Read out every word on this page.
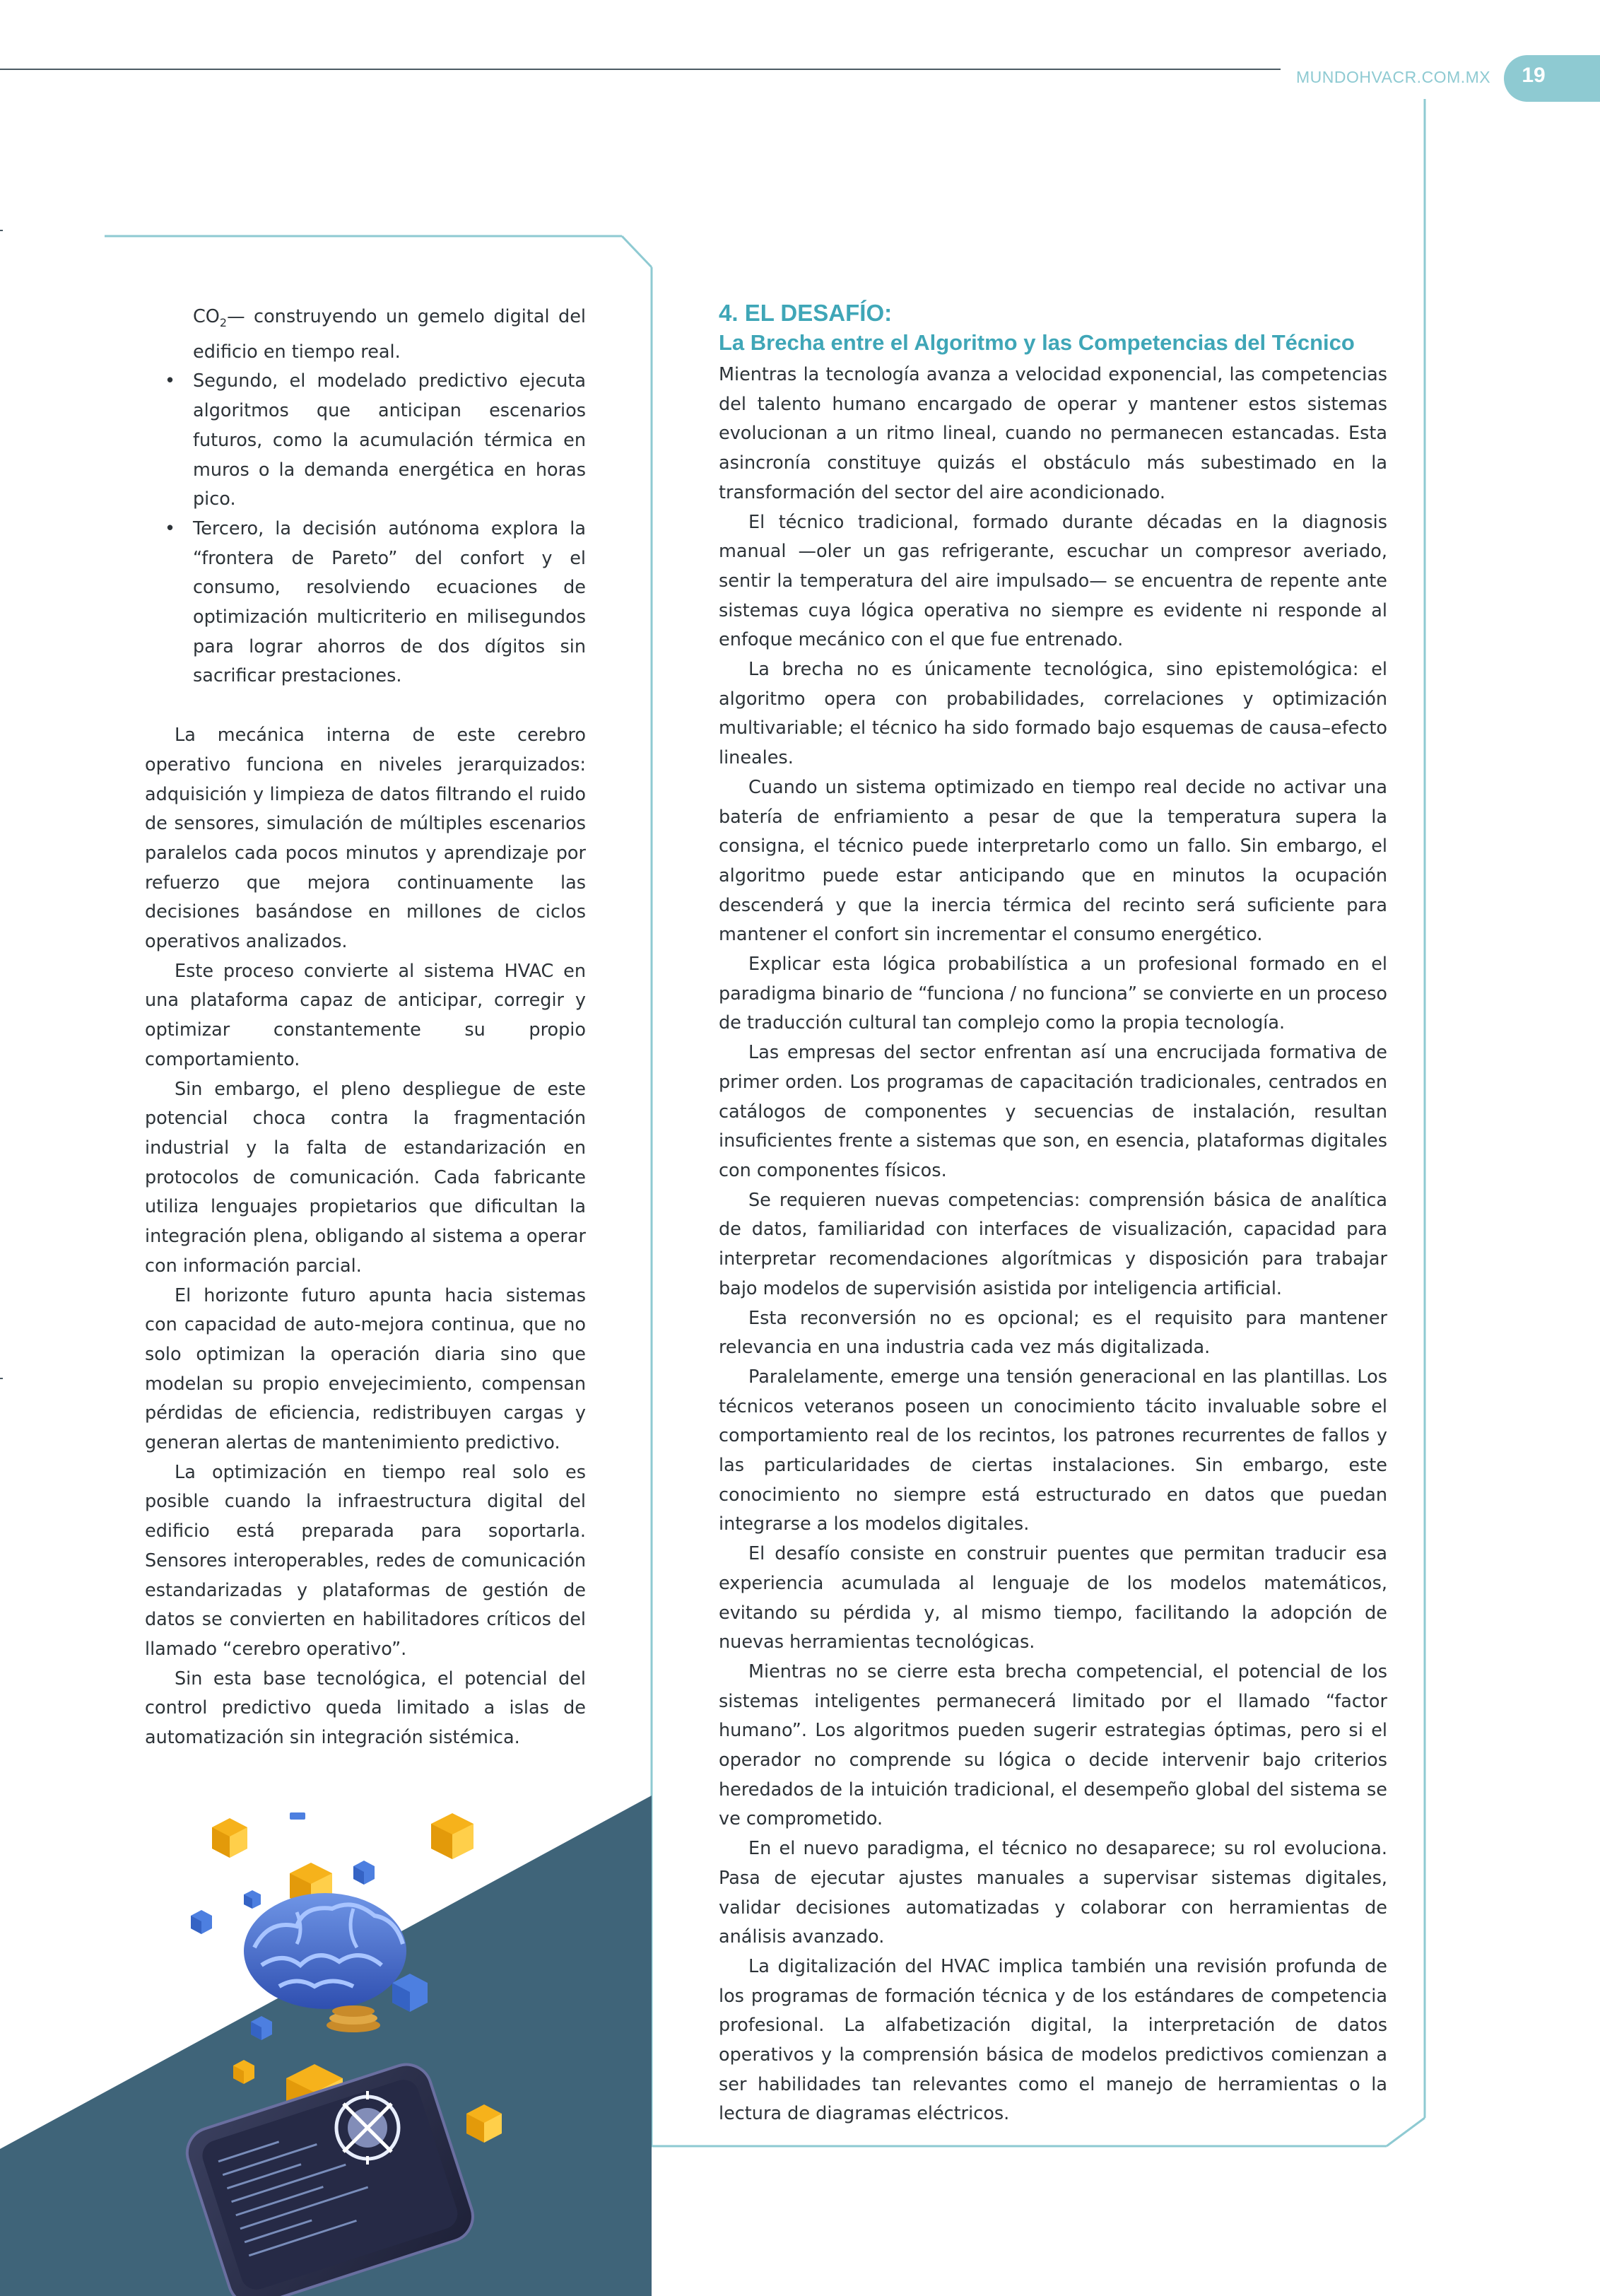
MUNDOHVACR.COM.MX	19

$CO_2—$ construyendo un gemelo digital del edificio en tiempo real.

• Segundo, el modelado predictivo ejecuta algoritmos que anticipan escenarios futuros, como la acumulación térmica en muros o la demanda energética en horas pico.
• Tercero, la decisión autónoma explora la “frontera de Pareto” del confort y el consumo, resolviendo ecuaciones de optimización multicriterio en milisegundos para lograr ahorros de dos dígitos sin sacrificar prestaciones.

La mecánica interna de este cerebro operativo funciona en niveles jerarquizados: adquisición y limpieza de datos filtrando el ruido de sensores, simulación de múltiples escenarios paralelos cada pocos minutos y aprendizaje por refuerzo que mejora continuamente las decisiones basándose en millones de ciclos operativos analizados.

Este proceso convierte al sistema HVAC en una plataforma capaz de anticipar, corregir y optimizar constantemente su propio comportamiento.

Sin embargo, el pleno despliegue de este potencial choca contra la fragmentación industrial y la falta de estandarización en protocolos de comunicación. Cada fabricante utiliza lenguajes propietarios que dificultan la integración plena, obligando al sistema a operar con información parcial.

El horizonte futuro apunta hacia sistemas con capacidad de auto-mejora continua, que no solo optimizan la operación diaria sino que modelan su propio envejecimiento, compensan pérdidas de eficiencia, redistribuyen cargas y generan alertas de mantenimiento predictivo.

La optimización en tiempo real solo es posible cuando la infraestructura digital del edificio está preparada para soportarla. Sensores interoperables, redes de comunicación estandarizadas y plataformas de gestión de datos se convierten en habilitadores críticos del llamado “cerebro operativo”.

Sin esta base tecnológica, el potencial del control predictivo queda limitado a islas de automatización sin integración sistémica.

4. EL DESAFÍO:
La Brecha entre el Algoritmo y las Competencias del Técnico

Mientras la tecnología avanza a velocidad exponencial, las competencias del talento humano encargado de operar y mantener estos sistemas evolucionan a un ritmo lineal, cuando no permanecen estancadas. Esta asincronía constituye quizás el obstáculo más subestimado en la transformación del sector del aire acondicionado.

El técnico tradicional, formado durante décadas en la diagnosis manual —oler un gas refrigerante, escuchar un compresor averiado, sentir la temperatura del aire impulsado— se encuentra de repente ante sistemas cuya lógica operativa no siempre es evidente ni responde al enfoque mecánico con el que fue entrenado.

La brecha no es únicamente tecnológica, sino epistemológica: el algoritmo opera con probabilidades, correlaciones y optimización multivariable; el técnico ha sido formado bajo esquemas de causa–efecto lineales.

Cuando un sistema optimizado en tiempo real decide no activar una batería de enfriamiento a pesar de que la temperatura supera la consigna, el técnico puede interpretarlo como un fallo. Sin embargo, el algoritmo puede estar anticipando que en minutos la ocupación descenderá y que la inercia térmica del recinto será suficiente para mantener el confort sin incrementar el consumo energético.

Explicar esta lógica probabilística a un profesional formado en el paradigma binario de “funciona / no funciona” se convierte en un proceso de traducción cultural tan complejo como la propia tecnología.

Las empresas del sector enfrentan así una encrucijada formativa de primer orden. Los programas de capacitación tradicionales, centrados en catálogos de componentes y secuencias de instalación, resultan insuficientes frente a sistemas que son, en esencia, plataformas digitales con componentes físicos.

Se requieren nuevas competencias: comprensión básica de analítica de datos, familiaridad con interfaces de visualización, capacidad para interpretar recomendaciones algorítmicas y disposición para trabajar bajo modelos de supervisión asistida por inteligencia artificial.

Esta reconversión no es opcional; es el requisito para mantener relevancia en una industria cada vez más digitalizada.

Paralelamente, emerge una tensión generacional en las plantillas. Los técnicos veteranos poseen un conocimiento tácito invaluable sobre el comportamiento real de los recintos, los patrones recurrentes de fallos y las particularidades de ciertas instalaciones. Sin embargo, este conocimiento no siempre está estructurado en datos que puedan integrarse a los modelos digitales.

El desafío consiste en construir puentes que permitan traducir esa experiencia acumulada al lenguaje de los modelos matemáticos, evitando su pérdida y, al mismo tiempo, facilitando la adopción de nuevas herramientas tecnológicas.

Mientras no se cierre esta brecha competencial, el potencial de los sistemas inteligentes permanecerá limitado por el llamado “factor humano”. Los algoritmos pueden sugerir estrategias óptimas, pero si el operador no comprende su lógica o decide intervenir bajo criterios heredados de la intuición tradicional, el desempeño global del sistema se ve comprometido.

En el nuevo paradigma, el técnico no desaparece; su rol evoluciona. Pasa de ejecutar ajustes manuales a supervisar sistemas digitales, validar decisiones automatizadas y colaborar con herramientas de análisis avanzado.

La digitalización del HVAC implica también una revisión profunda de los programas de formación técnica y de los estándares de competencia profesional. La alfabetización digital, la interpretación de datos operativos y la comprensión básica de modelos predictivos comienzan a ser habilidades tan relevantes como el manejo de herramientas o la lectura de diagramas eléctricos.
